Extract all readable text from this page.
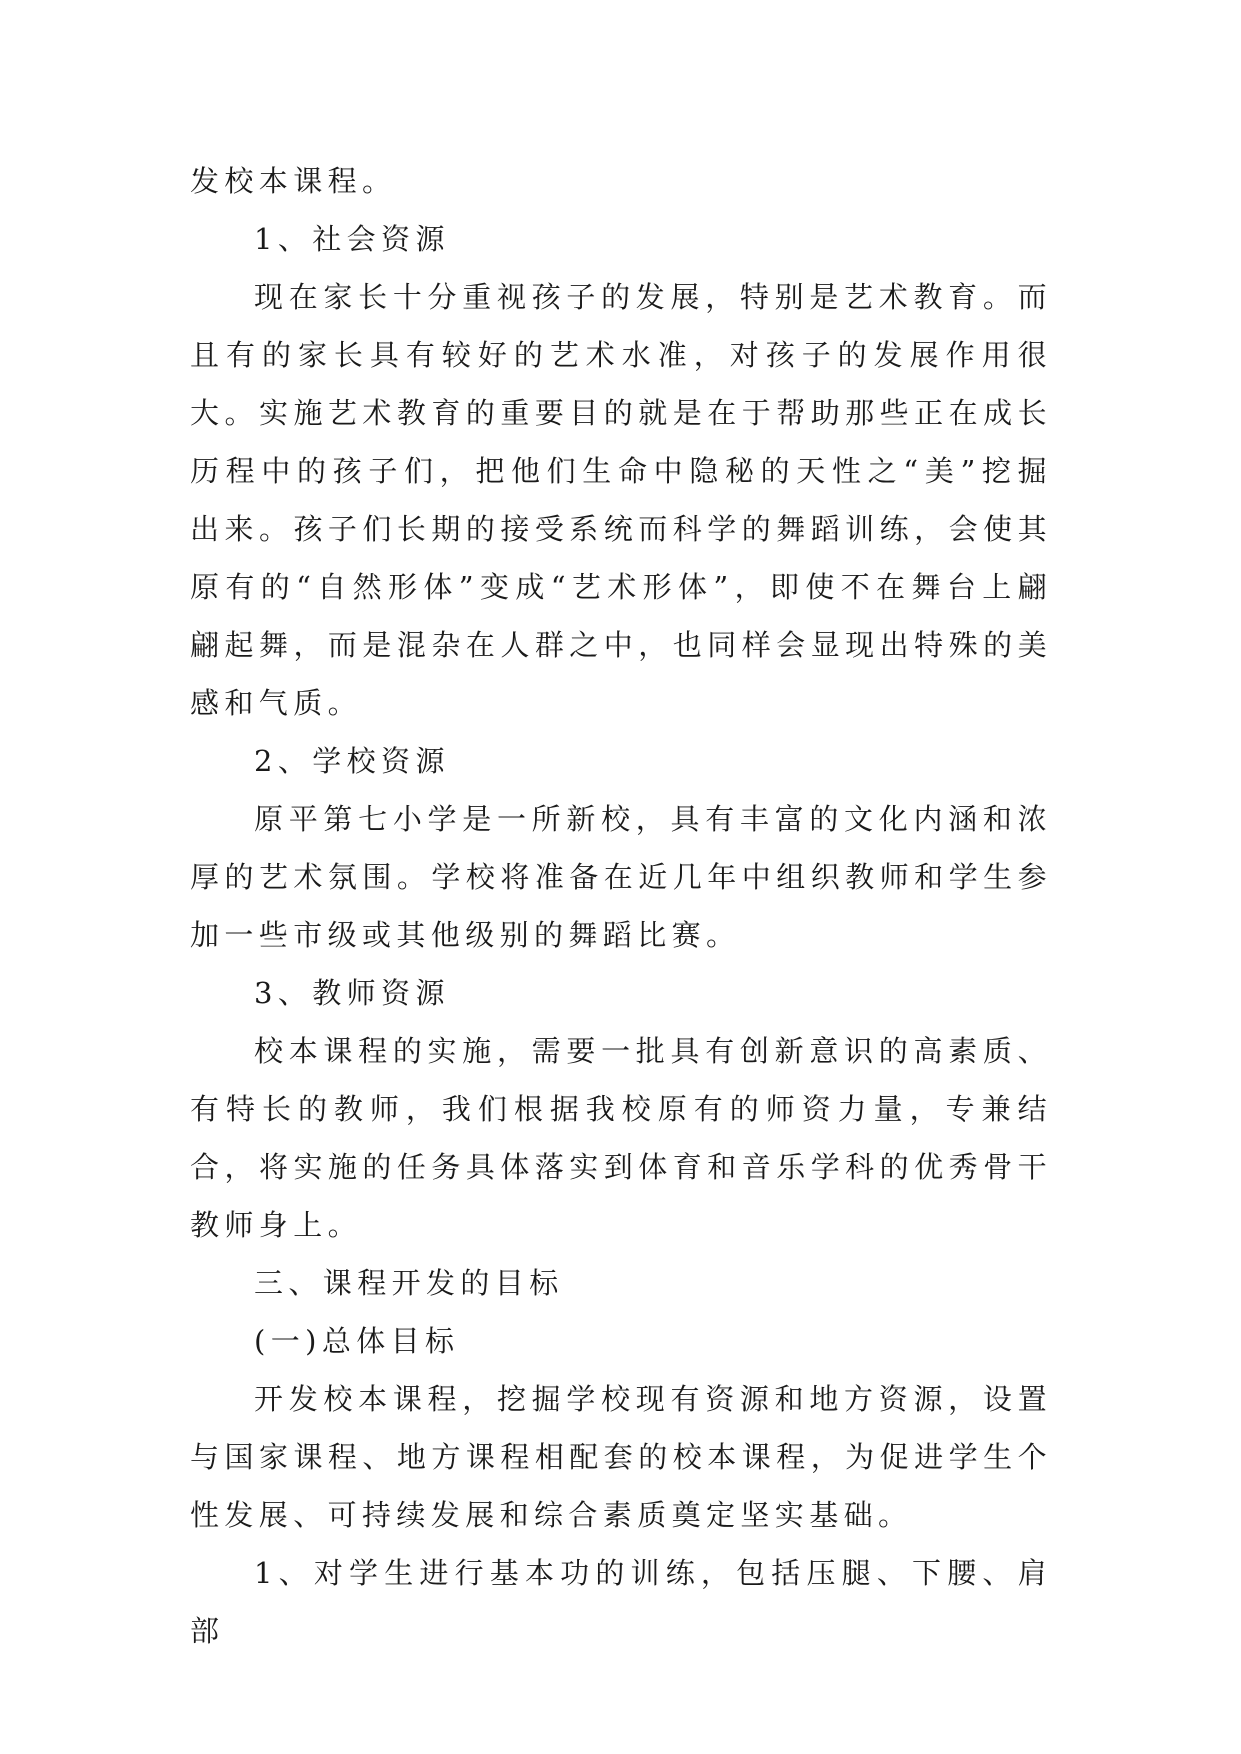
发校本课程。

1、社会资源

现在家长十分重视孩子的发展，特别是艺术教育。而且有的家长具有较好的艺术水准，对孩子的发展作用很大。实施艺术教育的重要目的就是在于帮助那些正在成长历程中的孩子们，把他们生命中隐秘的天性之“美”挖掘出来。孩子们长期的接受系统而科学的舞蹈训练，会使其原有的“自然形体”变成“艺术形体”，即使不在舞台上翩翩起舞，而是混杂在人群之中，也同样会显现出特殊的美感和气质。

2、学校资源

原平第七小学是一所新校，具有丰富的文化内涵和浓厚的艺术氛围。学校将准备在近几年中组织教师和学生参加一些市级或其他级别的舞蹈比赛。

3、教师资源

校本课程的实施，需要一批具有创新意识的高素质、有特长的教师，我们根据我校原有的师资力量，专兼结合，将实施的任务具体落实到体育和音乐学科的优秀骨干教师身上。

三、课程开发的目标

(一)总体目标

开发校本课程，挖掘学校现有资源和地方资源，设置与国家课程、地方课程相配套的校本课程，为促进学生个性发展、可持续发展和综合素质奠定坚实基础。

1、对学生进行基本功的训练，包括压腿、下腰、肩部
